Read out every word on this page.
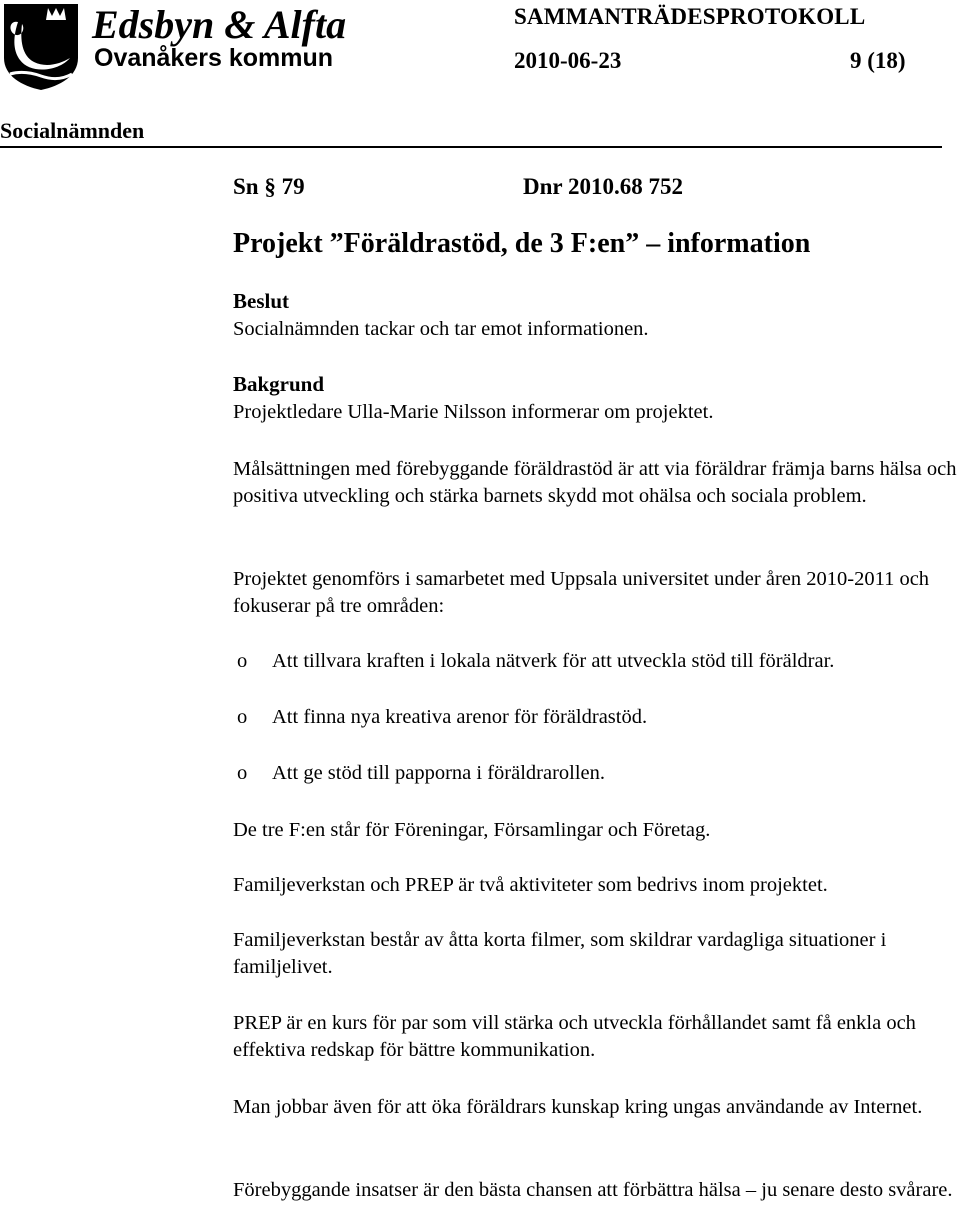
Edsbyn & Alfta
Ovanåkers kommun
SAMMANTRÄDESPROTOKOLL
2010-06-23	9 (18)
Socialnämnden
Sn § 79	Dnr 2010.68 752
Projekt ”Föräldrastöd, de 3 F:en” – information
Beslut

Socialnämnden tackar och tar emot informationen.

Bakgrund

Projektledare Ulla-Marie Nilsson informerar om projektet.

Målsättningen med förebyggande föräldrastöd är att via föräldrar främja barns hälsa och positiva utveckling och stärka barnets skydd mot ohälsa och sociala problem.

Projektet genomförs i samarbetet med Uppsala universitet under åren 2010-2011 och fokuserar på tre områden:

o Att tillvara kraften i lokala nätverk för att utveckla stöd till föräldrar.
o Att finna nya kreativa arenor för föräldrastöd.
o Att ge stöd till papporna i föräldrarollen.

De tre F:en står för Föreningar, Församlingar och Företag.

Familjeverkstan och PREP är två aktiviteter som bedrivs inom projektet.

Familjeverkstan består av åtta korta filmer, som skildrar vardagliga situationer i familjelivet.

PREP är en kurs för par som vill stärka och utveckla förhållandet samt få enkla och effektiva redskap för bättre kommunikation.

Man jobbar även för att öka föräldrars kunskap kring ungas användande av Internet.

Förebyggande insatser är den bästa chansen att förbättra hälsa – ju senare desto svårare.
